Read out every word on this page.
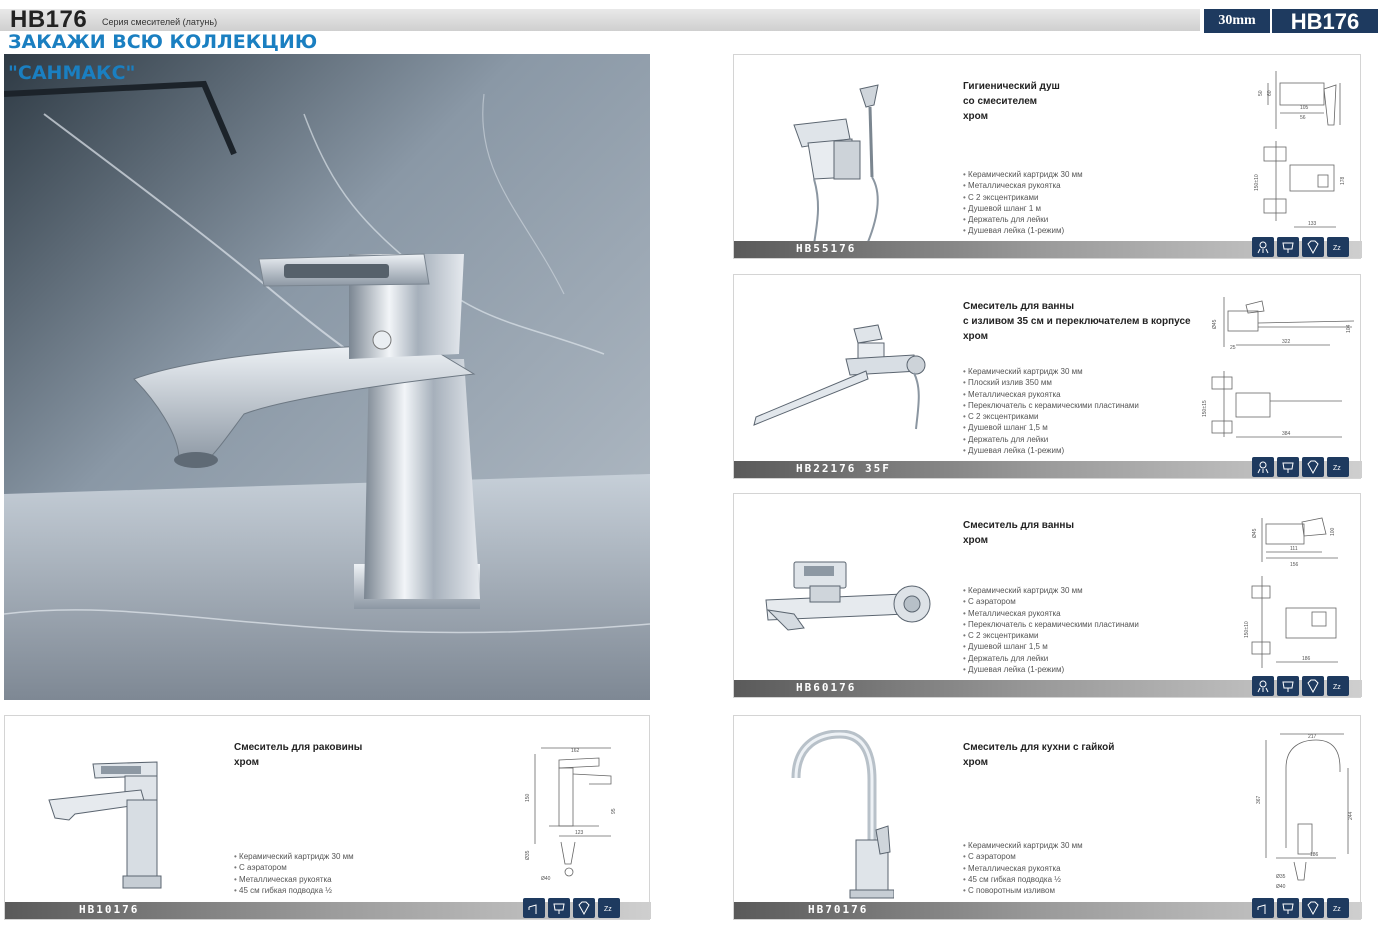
HB176 Серия смесителей (латунь)
ЗАКАЖИ ВСЮ КОЛЛЕКЦИЮ
30mm	HB176
"САНМАКС"
Гигиенический душ
со смесителем
хром
• Керамический картридж 30 мм
• Металлическая рукоятка
• С 2 эксцентриками
• Душевой шланг 1 м
• Держатель для лейки
• Душевая лейка (1-режим)
50 60
105
56
150±10	178
133
HB55176	Zz
Смеситель для ванны
с изливом 35 см и переключателем в корпусе
хром
• Керамический картридж 30 мм
• Плоский излив 350 мм
• Металлическая рукоятка
• Переключатель с керамическими пластинами
• С 2 эксцентриками
• Душевой шланг 1,5 м
• Держатель для лейки
• Душевая лейка (1-режим)
Ø45
25
322
104
150±15
384
HB22176 35F	Zz
Смеситель для ванны
хром
• Керамический картридж 30 мм
• С аэратором
• Металлическая рукоятка
• Переключатель с керамическими пластинами
• С 2 эксцентриками
• Душевой шланг 1,5 м
• Держатель для лейки
• Душевая лейка (1-режим)
Ø45	100
111
156
150±10
186
HB60176	Zz
Смеситель для раковины
хром
• Керамический картридж 30 мм
• С аэратором
• Металлическая рукоятка
• 45 см гибкая подводка ½
162
150
95
123
Ø35
Ø40
HB10176	Zz
Смеситель для кухни с гайкой
хром
• Керамический картридж 30 мм
• С аэратором
• Металлическая рукоятка
• 45 см гибкая подводка ½
• С поворотным изливом
217
367
244
186
Ø35
Ø40
HB70176	Zz
